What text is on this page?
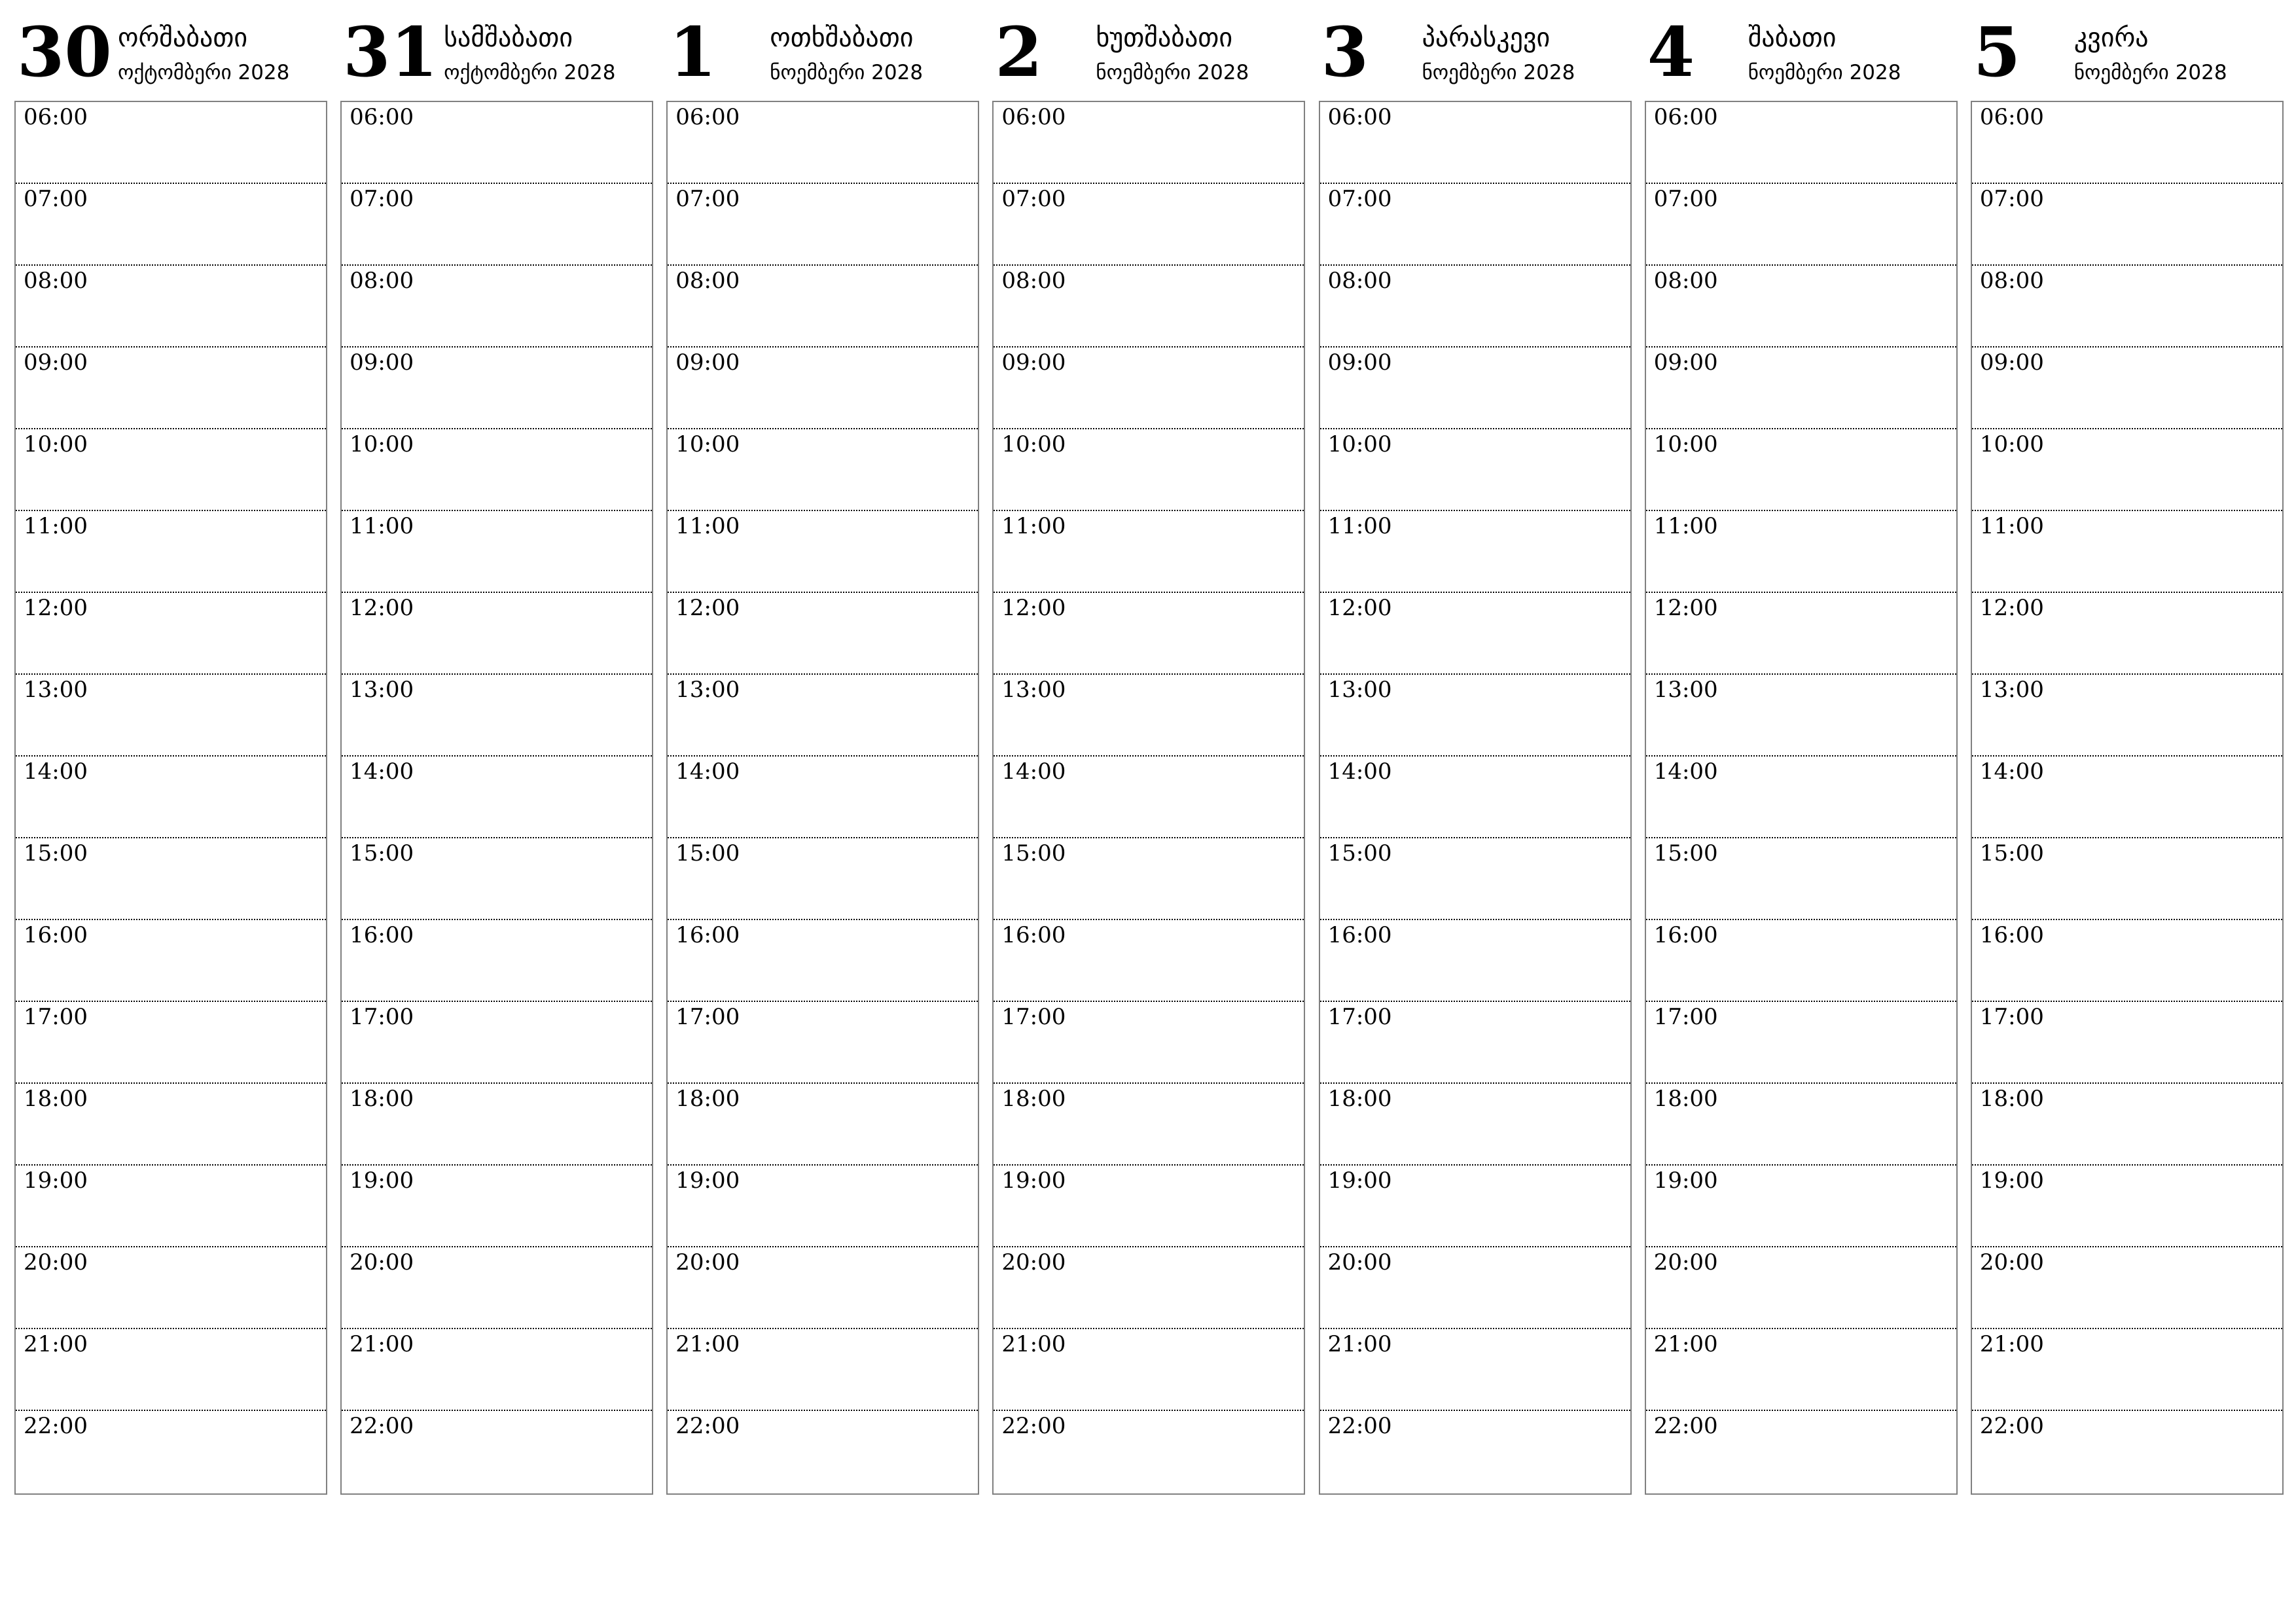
30 ორშაბათი
ოქტომბერი 2028
06:00
07:00
08:00
09:00
10:00
11:00
12:00
13:00
14:00
15:00
16:00
17:00
18:00
19:00
20:00
21:00
22:00
31 სამშაბათი
ოქტომბერი 2028
06:00
07:00
08:00
09:00
10:00
11:00
12:00
13:00
14:00
15:00
16:00
17:00
18:00
19:00
20:00
21:00
22:00
1 ოთხშაბათი
ნოემბერი 2028
06:00
07:00
08:00
09:00
10:00
11:00
12:00
13:00
14:00
15:00
16:00
17:00
18:00
19:00
20:00
21:00
22:00
2 ხუთშაბათი
ნოემბერი 2028
06:00
07:00
08:00
09:00
10:00
11:00
12:00
13:00
14:00
15:00
16:00
17:00
18:00
19:00
20:00
21:00
22:00
3 პარასკევი
ნოემბერი 2028
06:00
07:00
08:00
09:00
10:00
11:00
12:00
13:00
14:00
15:00
16:00
17:00
18:00
19:00
20:00
21:00
22:00
4 შაბათი
ნოემბერი 2028
06:00
07:00
08:00
09:00
10:00
11:00
12:00
13:00
14:00
15:00
16:00
17:00
18:00
19:00
20:00
21:00
22:00
5 კვირა
ნოემბერი 2028
06:00
07:00
08:00
09:00
10:00
11:00
12:00
13:00
14:00
15:00
16:00
17:00
18:00
19:00
20:00
21:00
22:00
